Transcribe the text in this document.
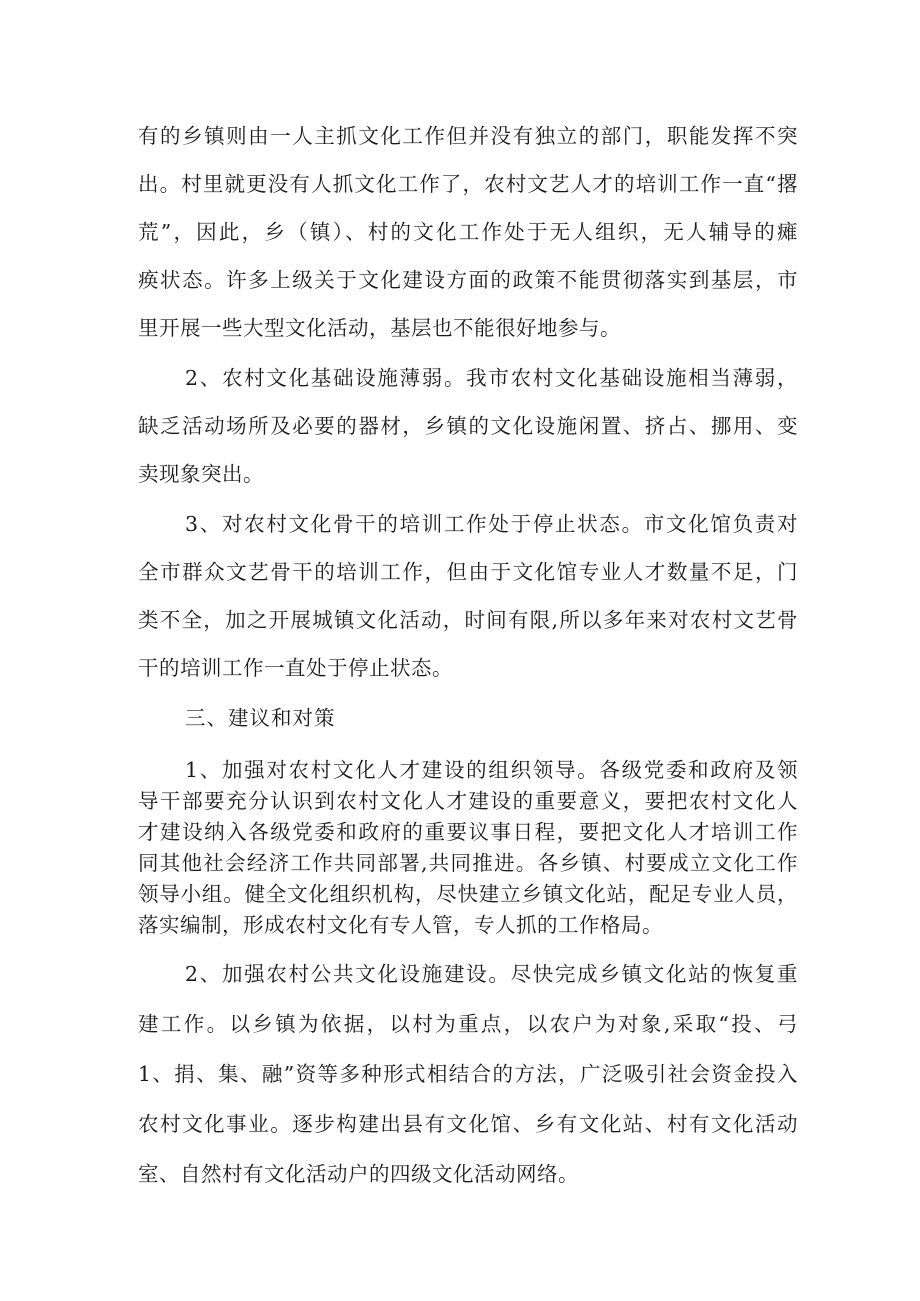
有的乡镇则由一人主抓文化工作但并没有独立的部门，职能发挥不突

出。村里就更没有人抓文化工作了，农村文艺人才的培训工作一直“撂

荒”，因此，乡（镇）、村的文化工作处于无人组织，无人辅导的瘫

痪状态。许多上级关于文化建设方面的政策不能贯彻落实到基层，市

里开展一些大型文化活动，基层也不能很好地参与。

2、农村文化基础设施薄弱。我市农村文化基础设施相当薄弱，

缺乏活动场所及必要的器材，乡镇的文化设施闲置、挤占、挪用、变

卖现象突出。

3、对农村文化骨干的培训工作处于停止状态。市文化馆负责对

全市群众文艺骨干的培训工作，但由于文化馆专业人才数量不足，门

类不全，加之开展城镇文化活动，时间有限,所以多年来对农村文艺骨

干的培训工作一直处于停止状态。

三、建议和对策

1、加强对农村文化人才建设的组织领导。各级党委和政府及领

导干部要充分认识到农村文化人才建设的重要意义，要把农村文化人

才建设纳入各级党委和政府的重要议事日程，要把文化人才培训工作

同其他社会经济工作共同部署,共同推进。各乡镇、村要成立文化工作

领导小组。健全文化组织机构，尽快建立乡镇文化站，配足专业人员，

落实编制，形成农村文化有专人管，专人抓的工作格局。

2、加强农村公共文化设施建设。尽快完成乡镇文化站的恢复重

建工作。以乡镇为依据，以村为重点，以农户为对象,采取“投、弓

1、捐、集、融”资等多种形式相结合的方法，广泛吸引社会资金投入

农村文化事业。逐步构建出县有文化馆、乡有文化站、村有文化活动

室、自然村有文化活动户的四级文化活动网络。
